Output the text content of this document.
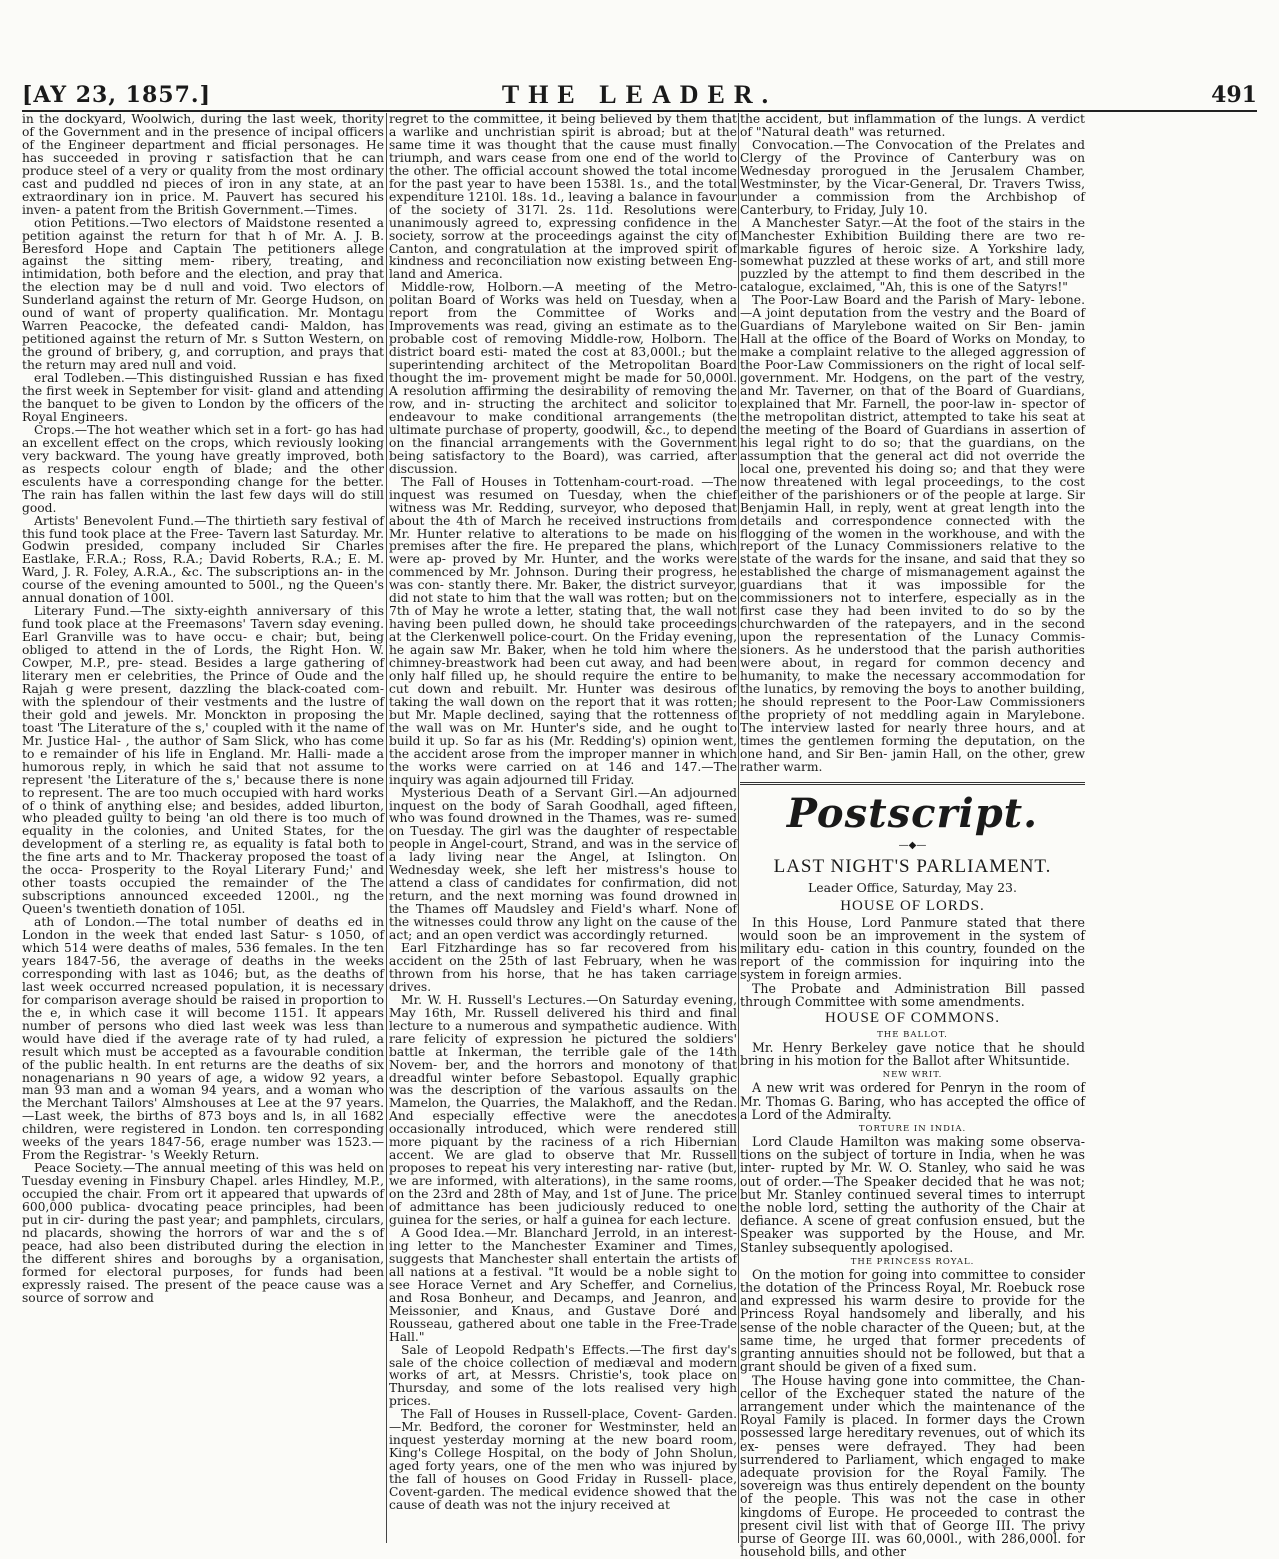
[AY 23, 1857.]	THE LEADER.	491

in the dockyard, Woolwich, during the last week, thority of the Government and in the presence of incipal officers of the Engineer department and fficial personages. He has succeeded in proving r satisfaction that he can produce steel of a very or quality from the most ordinary cast and puddled nd pieces of iron in any state, at an extraordinary ion in price. M. Pauvert has secured his inven- a patent from the British Government.—Times.

otion Petitions.—Two electors of Maidstone resented a petition against the return for that h of Mr. A. J. B. Beresford Hope and Captain The petitioners allege against the sitting mem- ribery, treating, and intimidation, both before and the election, and pray that the election may be d null and void. Two electors of Sunderland against the return of Mr. George Hudson, on ound of want of property qualification. Mr. Montagu Warren Peacocke, the defeated candi- Maldon, has petitioned against the return of Mr. s Sutton Western, on the ground of bribery, g, and corruption, and prays that the return may ared null and void.

eral Todleben.—This distinguished Russian e has fixed the first week in September for visit- gland and attending the banquet to be given to London by the officers of the Royal Engineers.

Crops.—The hot weather which set in a fort- go has had an excellent effect on the crops, which reviously looking very backward. The young have greatly improved, both as respects colour ength of blade; and the other esculents have a corresponding change for the better. The rain has fallen within the last few days will do still good.

Artists' Benevolent Fund.—The thirtieth sary festival of this fund took place at the Free- Tavern last Saturday. Mr. Godwin presided, company included Sir Charles Eastlake, F.R.A.; Ross, R.A.; David Roberts, R.A.; E. M. Ward, J. R. Foley, A.R.A., &c. The subscriptions an- in the course of the evening amounted to 500l., ng the Queen's annual donation of 100l.

Literary Fund.—The sixty-eighth anniversary of this fund took place at the Freemasons' Tavern sday evening. Earl Granville was to have occu- e chair; but, being obliged to attend in the of Lords, the Right Hon. W. Cowper, M.P., pre- stead. Besides a large gathering of literary men er celebrities, the Prince of Oude and the Rajah g were present, dazzling the black-coated com- with the splendour of their vestments and the lustre of their gold and jewels. Mr. Monckton in proposing the toast 'The Literature of the s,' coupled with it the name of Mr. Justice Hal- , the author of Sam Slick, who has come to e remainder of his life in England. Mr. Halli- made a humorous reply, in which he said that not assume to represent 'the Literature of the s,' because there is none to represent. The are too much occupied with hard works of o think of anything else; and besides, added liburton, who pleaded guilty to being 'an old there is too much of equality in the colonies, and United States, for the development of a sterling re, as equality is fatal both to the fine arts and to Mr. Thackeray proposed the toast of the occa- Prosperity to the Royal Literary Fund;' and other toasts occupied the remainder of the The subscriptions announced exceeded 1200l., ng the Queen's twentieth donation of 105l.

ath of London.—The total number of deaths ed in London in the week that ended last Satur- s 1050, of which 514 were deaths of males, 536 females. In the ten years 1847-56, the average of deaths in the weeks corresponding with last as 1046; but, as the deaths of last week occurred ncreased population, it is necessary for comparison average should be raised in proportion to the e, in which case it will become 1151. It appears number of persons who died last week was less than would have died if the average rate of ty had ruled, a result which must be accepted as a favourable condition of the public health. In ent returns are the deaths of six nonagenarians n 90 years of age, a widow 92 years, a man 93 man and a woman 94 years, and a woman who the Merchant Tailors' Almshouses at Lee at the 97 years.—Last week, the births of 873 boys and ls, in all 1682 children, were registered in London. ten corresponding weeks of the years 1847-56, erage number was 1523.—From the Registrar- 's Weekly Return.

Peace Society.—The annual meeting of this was held on Tuesday evening in Finsbury Chapel. arles Hindley, M.P., occupied the chair. From ort it appeared that upwards of 600,000 publica- dvocating peace principles, had been put in cir- during the past year; and pamphlets, circulars, nd placards, showing the horrors of war and the s of peace, had also been distributed during the election in the different shires and boroughs by a organisation, formed for electoral purposes, for funds had been expressly raised. The present of the peace cause was a source of sorrow and

regret to the committee, it being believed by them that a warlike and unchristian spirit is abroad; but at the same time it was thought that the cause must finally triumph, and wars cease from one end of the world to the other. The official account showed the total income for the past year to have been 1538l. 1s., and the total expenditure 1210l. 18s. 1d., leaving a balance in favour of the society of 317l. 2s. 11d. Resolutions were unanimously agreed to, expressing confidence in the society, sorrow at the proceedings against the city of Canton, and congratulation at the improved spirit of kindness and reconciliation now existing between Eng- land and America.

Middle-row, Holborn.—A meeting of the Metro- politan Board of Works was held on Tuesday, when a report from the Committee of Works and Improvements was read, giving an estimate as to the probable cost of removing Middle-row, Holborn. The district board esti- mated the cost at 83,000l.; but the superintending architect of the Metropolitan Board thought the im- provement might be made for 50,000l. A resolution affirming the desirability of removing the row, and in- structing the architect and solicitor to endeavour to make conditional arrangements (the ultimate purchase of property, goodwill, &c., to depend on the financial arrangements with the Government being satisfactory to the Board), was carried, after discussion.

The Fall of Houses in Tottenham-court-road. —The inquest was resumed on Tuesday, when the chief witness was Mr. Redding, surveyor, who deposed that about the 4th of March he received instructions from Mr. Hunter relative to alterations to be made on his premises after the fire. He prepared the plans, which were ap- proved by Mr. Hunter, and the works were commenced by Mr. Johnson. During their progress, he was con- stantly there. Mr. Baker, the district surveyor, did not state to him that the wall was rotten; but on the 7th of May he wrote a letter, stating that, the wall not having been pulled down, he should take proceedings at the Clerkenwell police-court. On the Friday evening, he again saw Mr. Baker, when he told him where the chimney-breastwork had been cut away, and had been only half filled up, he should require the entire to be cut down and rebuilt. Mr. Hunter was desirous of taking the wall down on the report that it was rotten; but Mr. Maple declined, saying that the rottenness of the wall was on Mr. Hunter's side, and he ought to build it up. So far as his (Mr. Redding's) opinion went, the accident arose from the improper manner in which the works were carried on at 146 and 147.—The inquiry was again adjourned till Friday.

Mysterious Death of a Servant Girl.—An adjourned inquest on the body of Sarah Goodhall, aged fifteen, who was found drowned in the Thames, was re- sumed on Tuesday. The girl was the daughter of respectable people in Angel-court, Strand, and was in the service of a lady living near the Angel, at Islington. On Wednesday week, she left her mistress's house to attend a class of candidates for confirmation, did not return, and the next morning was found drowned in the Thames off Maudsley and Field's wharf. None of the witnesses could throw any light on the cause of the act; and an open verdict was accordingly returned.

Earl Fitzhardinge has so far recovered from his accident on the 25th of last February, when he was thrown from his horse, that he has taken carriage drives.

Mr. W. H. Russell's Lectures.—On Saturday evening, May 16th, Mr. Russell delivered his third and final lecture to a numerous and sympathetic audience. With rare felicity of expression he pictured the soldiers' battle at Inkerman, the terrible gale of the 14th Novem- ber, and the horrors and monotony of that dreadful winter before Sebastopol. Equally graphic was the description of the various assaults on the Mamelon, the Quarries, the Malakhoff, and the Redan. And especially effective were the anecdotes occasionally introduced, which were rendered still more piquant by the raciness of a rich Hibernian accent. We are glad to observe that Mr. Russell proposes to repeat his very interesting nar- rative (but, we are informed, with alterations), in the same rooms, on the 23rd and 28th of May, and 1st of June. The price of admittance has been judiciously reduced to one guinea for the series, or half a guinea for each lecture.

A Good Idea.—Mr. Blanchard Jerrold, in an interest- ing letter to the Manchester Examiner and Times, suggests that Manchester shall entertain the artists of all nations at a festival. "It would be a noble sight to see Horace Vernet and Ary Scheffer, and Cornelius, and Rosa Bonheur, and Decamps, and Jeanron, and Meissonier, and Knaus, and Gustave Doré and Rousseau, gathered about one table in the Free-Trade Hall."

Sale of Leopold Redpath's Effects.—The first day's sale of the choice collection of mediæval and modern works of art, at Messrs. Christie's, took place on Thursday, and some of the lots realised very high prices.

The Fall of Houses in Russell-place, Covent- Garden.—Mr. Bedford, the coroner for Westminster, held an inquest yesterday morning at the new board room, King's College Hospital, on the body of John Sholun, aged forty years, one of the men who was injured by the fall of houses on Good Friday in Russell- place, Covent-garden. The medical evidence showed that the cause of death was not the injury received at

the accident, but inflammation of the lungs. A verdict of "Natural death" was returned.

Convocation.—The Convocation of the Prelates and Clergy of the Province of Canterbury was on Wednesday prorogued in the Jerusalem Chamber, Westminster, by the Vicar-General, Dr. Travers Twiss, under a commission from the Archbishop of Canterbury, to Friday, July 10.

A Manchester Satyr.—At the foot of the stairs in the Manchester Exhibition Building there are two re- markable figures of heroic size. A Yorkshire lady, somewhat puzzled at these works of art, and still more puzzled by the attempt to find them described in the catalogue, exclaimed, "Ah, this is one of the Satyrs!"

The Poor-Law Board and the Parish of Mary- lebone.—A joint deputation from the vestry and the Board of Guardians of Marylebone waited on Sir Ben- jamin Hall at the office of the Board of Works on Monday, to make a complaint relative to the alleged aggression of the Poor-Law Commissioners on the right of local self-government. Mr. Hodgens, on the part of the vestry, and Mr. Taverner, on that of the Board of Guardians, explained that Mr. Farnell, the poor-law in- spector of the metropolitan district, attempted to take his seat at the meeting of the Board of Guardians in assertion of his legal right to do so; that the guardians, on the assumption that the general act did not override the local one, prevented his doing so; and that they were now threatened with legal proceedings, to the cost either of the parishioners or of the people at large. Sir Benjamin Hall, in reply, went at great length into the details and correspondence connected with the flogging of the women in the workhouse, and with the report of the Lunacy Commissioners relative to the state of the wards for the insane, and said that they so established the charge of mismanagement against the guardians that it was impossible for the commissioners not to interfere, especially as in the first case they had been invited to do so by the churchwarden of the ratepayers, and in the second upon the representation of the Lunacy Commis- sioners. As he understood that the parish authorities were about, in regard for common decency and humanity, to make the necessary accommodation for the lunatics, by removing the boys to another building, he should represent to the Poor-Law Commissioners the propriety of not meddling again in Marylebone. The interview lasted for nearly three hours, and at times the gentlemen forming the deputation, on the one hand, and Sir Ben- jamin Hall, on the other, grew rather warm.

Postscript.
—◆—
LAST NIGHT'S PARLIAMENT.
Leader Office, Saturday, May 23.
HOUSE OF LORDS.

In this House, Lord Panmure stated that there would soon be an improvement in the system of military edu- cation in this country, founded on the report of the commission for inquiring into the system in foreign armies.

The Probate and Administration Bill passed through Committee with some amendments.

HOUSE OF COMMONS.
THE BALLOT.

Mr. Henry Berkeley gave notice that he should bring in his motion for the Ballot after Whitsuntide.

NEW WRIT.

A new writ was ordered for Penryn in the room of Mr. Thomas G. Baring, who has accepted the office of a Lord of the Admiralty.

TORTURE IN INDIA.

Lord Claude Hamilton was making some observa- tions on the subject of torture in India, when he was inter- rupted by Mr. W. O. Stanley, who said he was out of order.—The Speaker decided that he was not; but Mr. Stanley continued several times to interrupt the noble lord, setting the authority of the Chair at defiance. A scene of great confusion ensued, but the Speaker was supported by the House, and Mr. Stanley subsequently apologised.

THE PRINCESS ROYAL.

On the motion for going into committee to consider the dotation of the Princess Royal, Mr. Roebuck rose and expressed his warm desire to provide for the Princess Royal handsomely and liberally, and his sense of the noble character of the Queen; but, at the same time, he urged that former precedents of granting annuities should not be followed, but that a grant should be given of a fixed sum.

The House having gone into committee, the Chan- cellor of the Exchequer stated the nature of the arrangement under which the maintenance of the Royal Family is placed. In former days the Crown possessed large hereditary revenues, out of which its ex- penses were defrayed. They had been surrendered to Parliament, which engaged to make adequate provision for the Royal Family. The sovereign was thus entirely dependent on the bounty of the people. This was not the case in other kingdoms of Europe. He proceeded to contrast the present civil list with that of George III. The privy purse of George III. was 60,000l., with 286,000l. for household bills, and other
